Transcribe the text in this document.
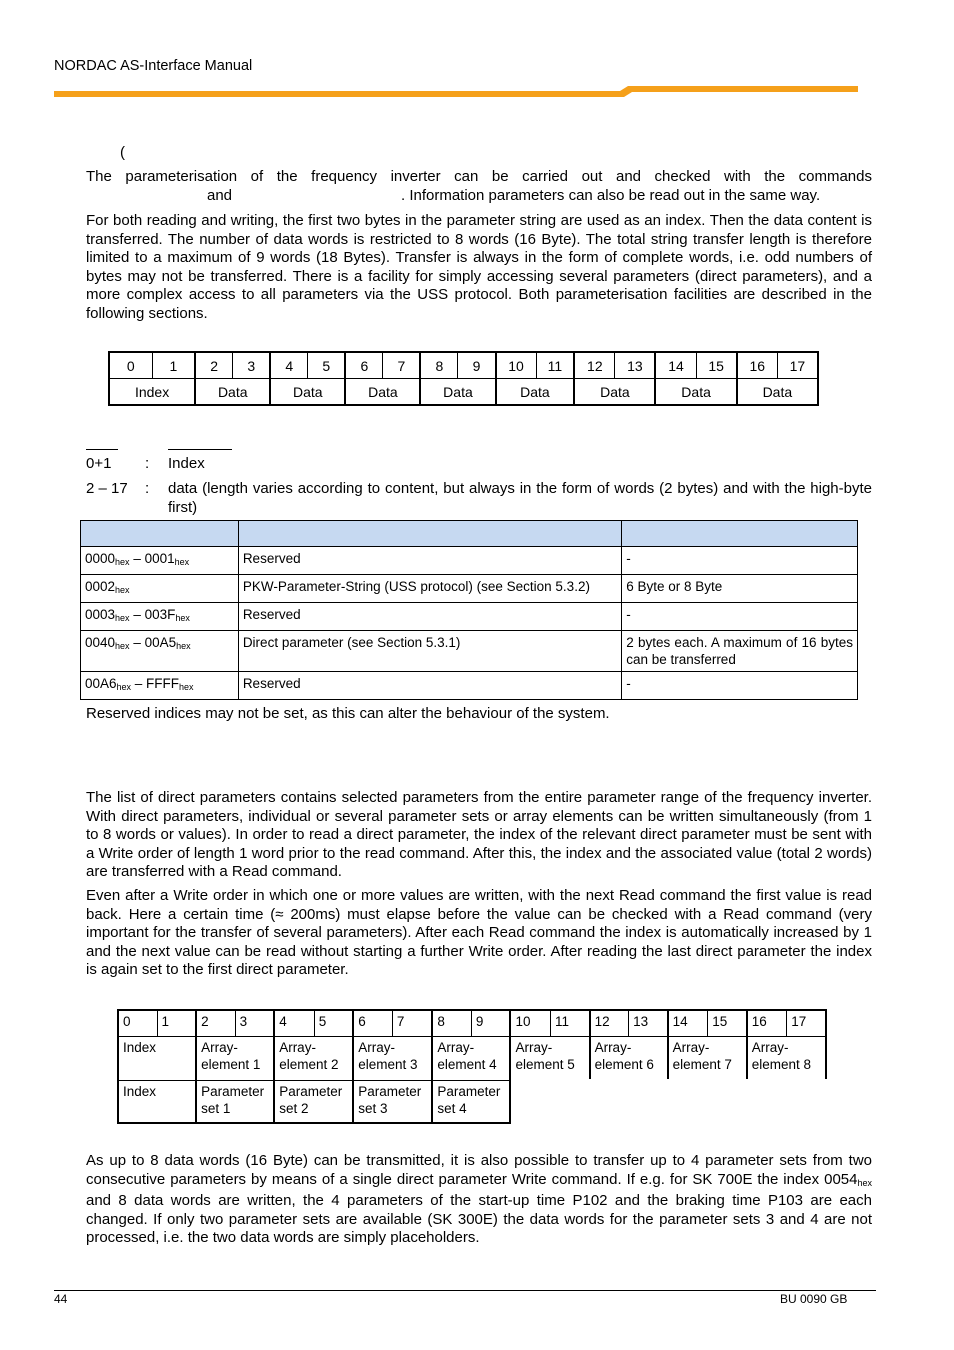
NORDAC AS-Interface Manual
(
The parameterisation of the frequency inverter can be carried out and checked with the commands
and	. Information parameters can also be read out in the same way.
For both reading and writing, the first two bytes in the parameter string are used as an index. Then the data content is transferred. The number of data words is restricted to 8 words (16 Byte). The total string transfer length is therefore limited to a maximum of 9 words (18 Bytes). Transfer is always in the form of complete words, i.e. odd numbers of bytes may not be transferred. There is a facility for simply accessing several parameters (direct parameters), and a more complex access to all parameters via the USS protocol. Both parameterisation facilities are described in the following sections.
0	1	2	3	4	5	6	7	8	9	10	11	12	13	14	15	16	17
Index		Data		Data		Data		Data		Data		Data		Data		Data	
0+1 : Index
2 – 17 : data (length varies according to content, but always in the form of words (2 bytes) and with the high-byte first)

$0000_{hex} - 0001_{hex}$	Reserved	-
$0002_{hex}$	PKW-Parameter-String (USS protocol) (see Section 5.3.2)	6 Byte or 8 Byte
$0003_{hex} - 003F_{hex}$	Reserved	-
$0040_{hex} - 00A5_{hex}$	Direct parameter (see Section 5.3.1)	2 bytes each. A maximum of 16 bytes can be transferred
$00A6_{hex}$ – $FFFF_{hex}$	Reserved	-
Reserved indices may not be set, as this can alter the behaviour of the system.
The list of direct parameters contains selected parameters from the entire parameter range of the frequency inverter. With direct parameters, individual or several parameter sets or array elements can be written simultaneously (from 1 to 8 words or values). In order to read a direct parameter, the index of the relevant direct parameter must be sent with a Write order of length 1 word prior to the read command. After this, the index and the associated value (total 2 words) are transferred with a Read command.
Even after a Write order in which one or more values are written, with the next Read command the first value is read back. Here a certain time (≈ 200ms) must elapse before the value can be checked with a Read command (very important for the transfer of several parameters). After each Read command the index is automatically increased by 1 and the next value can be read without starting a further Write order. After reading the last direct parameter the index is again set to the first direct parameter.
0	1	2	3	4	5	6	7	8	9	10	11	12	13	14	15	16	17
Index		Array-element 1		Array-element 2		Array-element 3		Array-element 4		Array-element 5		Array-element 6		Array-element 7		Array-element 8	
Index		Parameter set 1		Parameter set 2		Parameter set 3		Parameter set 4									
As up to 8 data words (16 Byte) can be transmitted, it is also possible to transfer up to 4 parameter sets from two consecutive parameters by means of a single direct parameter Write command. If e.g. for SK 700E the index $0054_{hex}$ and 8 data words are written, the 4 parameters of the start-up time P102 and the braking time P103 are each changed. If only two parameter sets are available (SK 300E) the data words for the parameter sets 3 and 4 are not processed, i.e. the two data words are simply placeholders.
44	BU 0090 GB
